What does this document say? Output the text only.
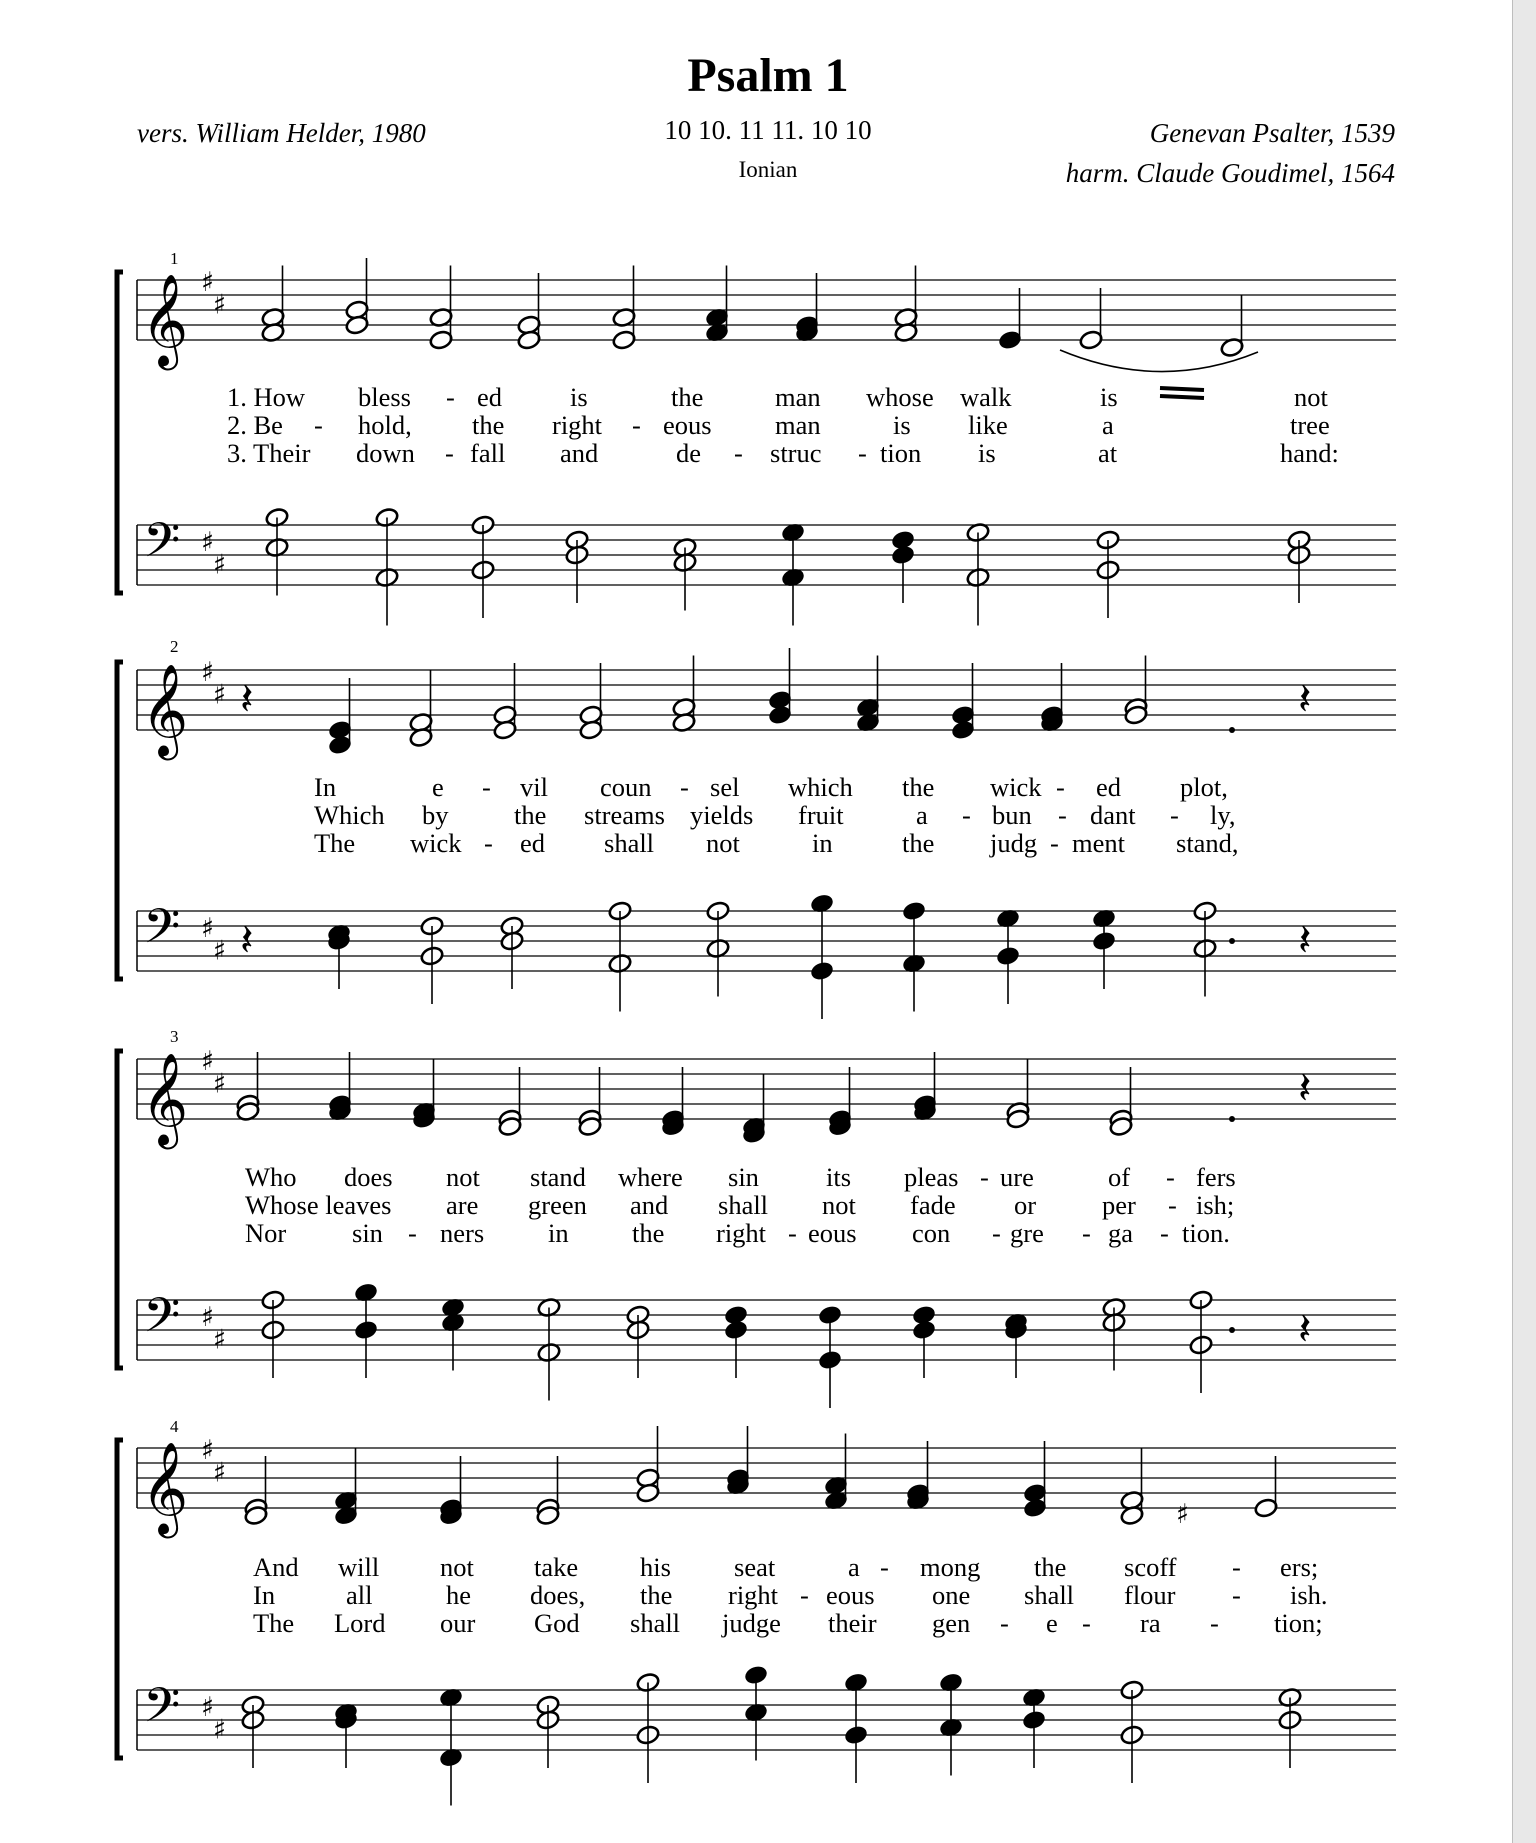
Psalm 1
vers. William Helder, 1980	10 10. 11 11. 10 10
Ionian
Genevan Psalter, 1539
harm. Claude Goudimel, 1564
1
1. How bless - ed	is	the	man whose walk	is	not
2. Be - hold, the right - eous man	is like	a	tree
3. Their down - fall and	de - struc - tion is	at	hand:
2
In	e - vil coun - sel which the wick - ed plot,
Which by the streams yields fruit	a - bun - dant - ly,
The wick - ed shall not	in	the judg - ment stand,
3
Who does not stand where sin	its pleas - ure	of - fers
Whose leaves are green and shall not fade or per - ish;
Nor sin - ners in the right - eous con - gre - ga - tion.
4
And will not take his seat	a - mong the scoff - ers;
In	all	he does, the right - eous one shall flour - ish.
The Lord our God shall judge their gen - e - ra - tion;
𝄞
𝄢
♯
♯
♯
♯
𝄞
𝄢
♯
♯
♯
♯
𝄽
𝄽
𝄽
𝄽
𝄞
𝄢
♯
♯
♯
♯
𝄽
𝄽
𝄞
𝄢
♯
♯
♯
♯
♯
